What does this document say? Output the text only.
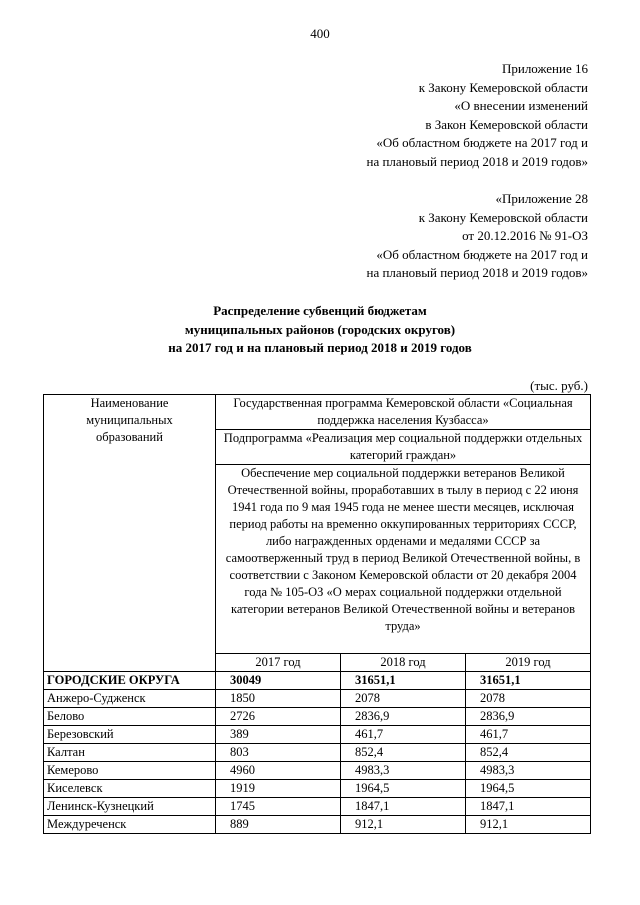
400
Приложение 16
к Закону Кемеровской области
«О внесении изменений
в Закон Кемеровской области
«Об областном бюджете на 2017 год и
на плановый период 2018 и 2019 годов»
«Приложение 28
к Закону Кемеровской области
от 20.12.2016 № 91-ОЗ
«Об областном бюджете на 2017 год и
на плановый период 2018 и 2019 годов»
Распределение субвенций бюджетам
муниципальных районов (городских округов)
на 2017 год и на плановый период 2018 и 2019 годов
(тыс. руб.)
Наименование муниципальных образований	Государственная программа Кемеровской области «Социальная поддержка населения Кузбасса»		
	Подпрограмма «Реализация мер социальной поддержки отдельных категорий граждан»		
	Обеспечение мер социальной поддержки ветеранов Великой Отечественной войны, проработавших в тылу в период с 22 июня 1941 года по 9 мая 1945 года не менее шести месяцев, исключая период работы на временно оккупированных территориях СССР, либо награжденных орденами и медалями СССР за самоотверженный труд в период Великой Отечественной войны, в соответствии с Законом Кемеровской области от 20 декабря 2004 года № 105-ОЗ «О мерах социальной поддержки отдельной категории ветеранов Великой Отечественной войны и ветеранов труда»		
	2017 год	2018 год	2019 год
ГОРОДСКИЕ ОКРУГА	30049	31651,1	31651,1
Анжеро-Судженск	1850	2078	2078
Белово	2726	2836,9	2836,9
Березовский	389	461,7	461,7
Калтан	803	852,4	852,4
Кемерово	4960	4983,3	4983,3
Киселевск	1919	1964,5	1964,5
Ленинск-Кузнецкий	1745	1847,1	1847,1
Междуреченск	889	912,1	912,1
